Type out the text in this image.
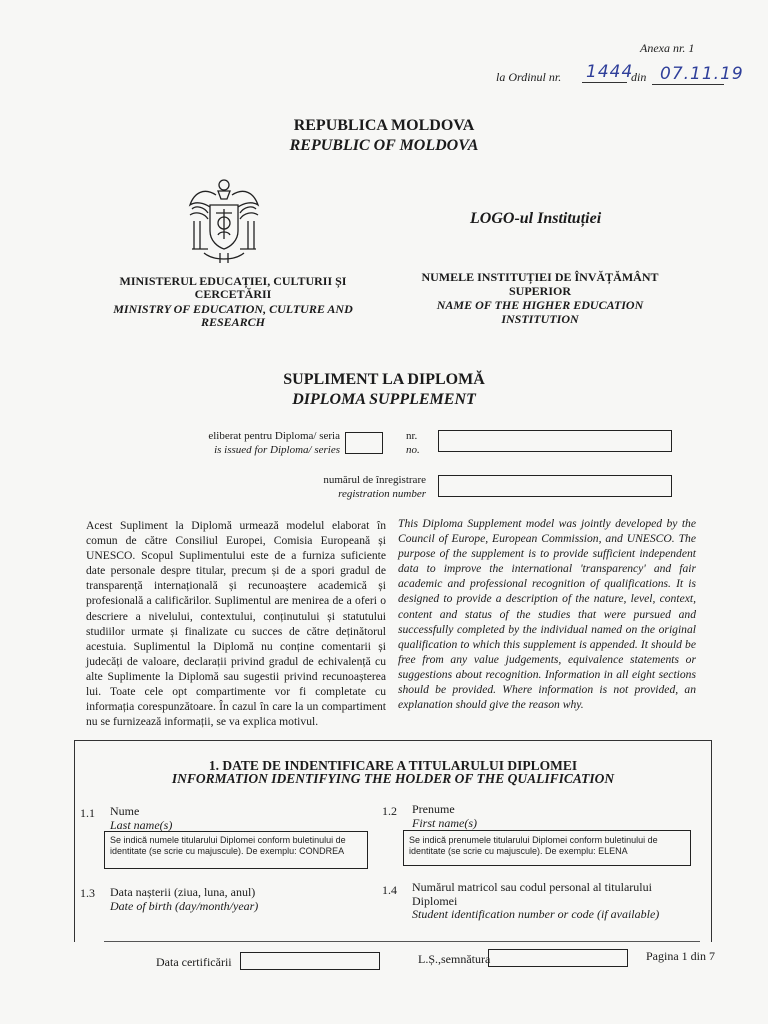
Anexa nr. 1
la Ordinul nr. 1444
din 07.11.19
REPUBLICA MOLDOVA
REPUBLIC OF MOLDOVA
LOGO-ul Instituției
MINISTERUL EDUCAȚIEI, CULTURII ȘI CERCETĂRII
MINISTRY OF EDUCATION, CULTURE AND RESEARCH
NUMELE INSTITUȚIEI DE ÎNVĂȚĂMÂNT SUPERIOR
NAME OF THE HIGHER EDUCATION INSTITUTION
SUPLIMENT LA DIPLOMĂ
DIPLOMA SUPPLEMENT
eliberat pentru Diploma/ seria
is issued for Diploma/ series
nr.
no.
numărul de înregistrare
registration number
Acest Supliment la Diplomă urmează modelul elaborat în comun de către Consiliul Europei, Comisia Europeană și UNESCO. Scopul Suplimentului este de a furniza suficiente date personale despre titular, precum și de a spori gradul de transparență internațională și recunoaștere academică și profesională a calificărilor. Suplimentul are menirea de a oferi o descriere a nivelului, contextului, conținutului și statutului studiilor urmate și finalizate cu succes de către deținătorul acestuia. Suplimentul la Diplomă nu conține comentarii și judecăți de valoare, declarații privind gradul de echivalență cu alte Suplimente la Diplomă sau sugestii privind recunoașterea lui. Toate cele opt compartimente vor fi completate cu informația corespunzătoare. În cazul în care la un compartiment nu se furnizează informații, se va explica motivul.
This Diploma Supplement model was jointly developed by the Council of Europe, European Commission, and UNESCO. The purpose of the supplement is to provide sufficient independent data to improve the international 'transparency' and fair academic and professional recognition of qualifications. It is designed to provide a description of the nature, level, context, content and status of the studies that were pursued and successfully completed by the individual named on the original qualification to which this supplement is appended. It should be free from any value judgements, equivalence statements or suggestions about recognition. Information in all eight sections should be provided. Where information is not provided, an explanation should give the reason why.
1. DATE DE INDENTIFICARE A TITULARULUI DIPLOMEI
INFORMATION IDENTIFYING THE HOLDER OF THE QUALIFICATION
1.1 Nume
Last name(s)
Se indică numele titularului Diplomei conform buletinului de identitate (se scrie cu majuscule). De exemplu: CONDREA
1.2 Prenume
First name(s)
Se indică prenumele titularului Diplomei conform buletinului de identitate (se scrie cu majuscule). De exemplu: ELENA
1.3 Data nașterii (ziua, luna, anul)
Date of birth (day/month/year)
1.4 Numărul matricol sau codul personal al titularului Diplomei
Student identification number or code (if available)
Data certificării	L.Ș.,semnătura	Pagina 1 din 7
